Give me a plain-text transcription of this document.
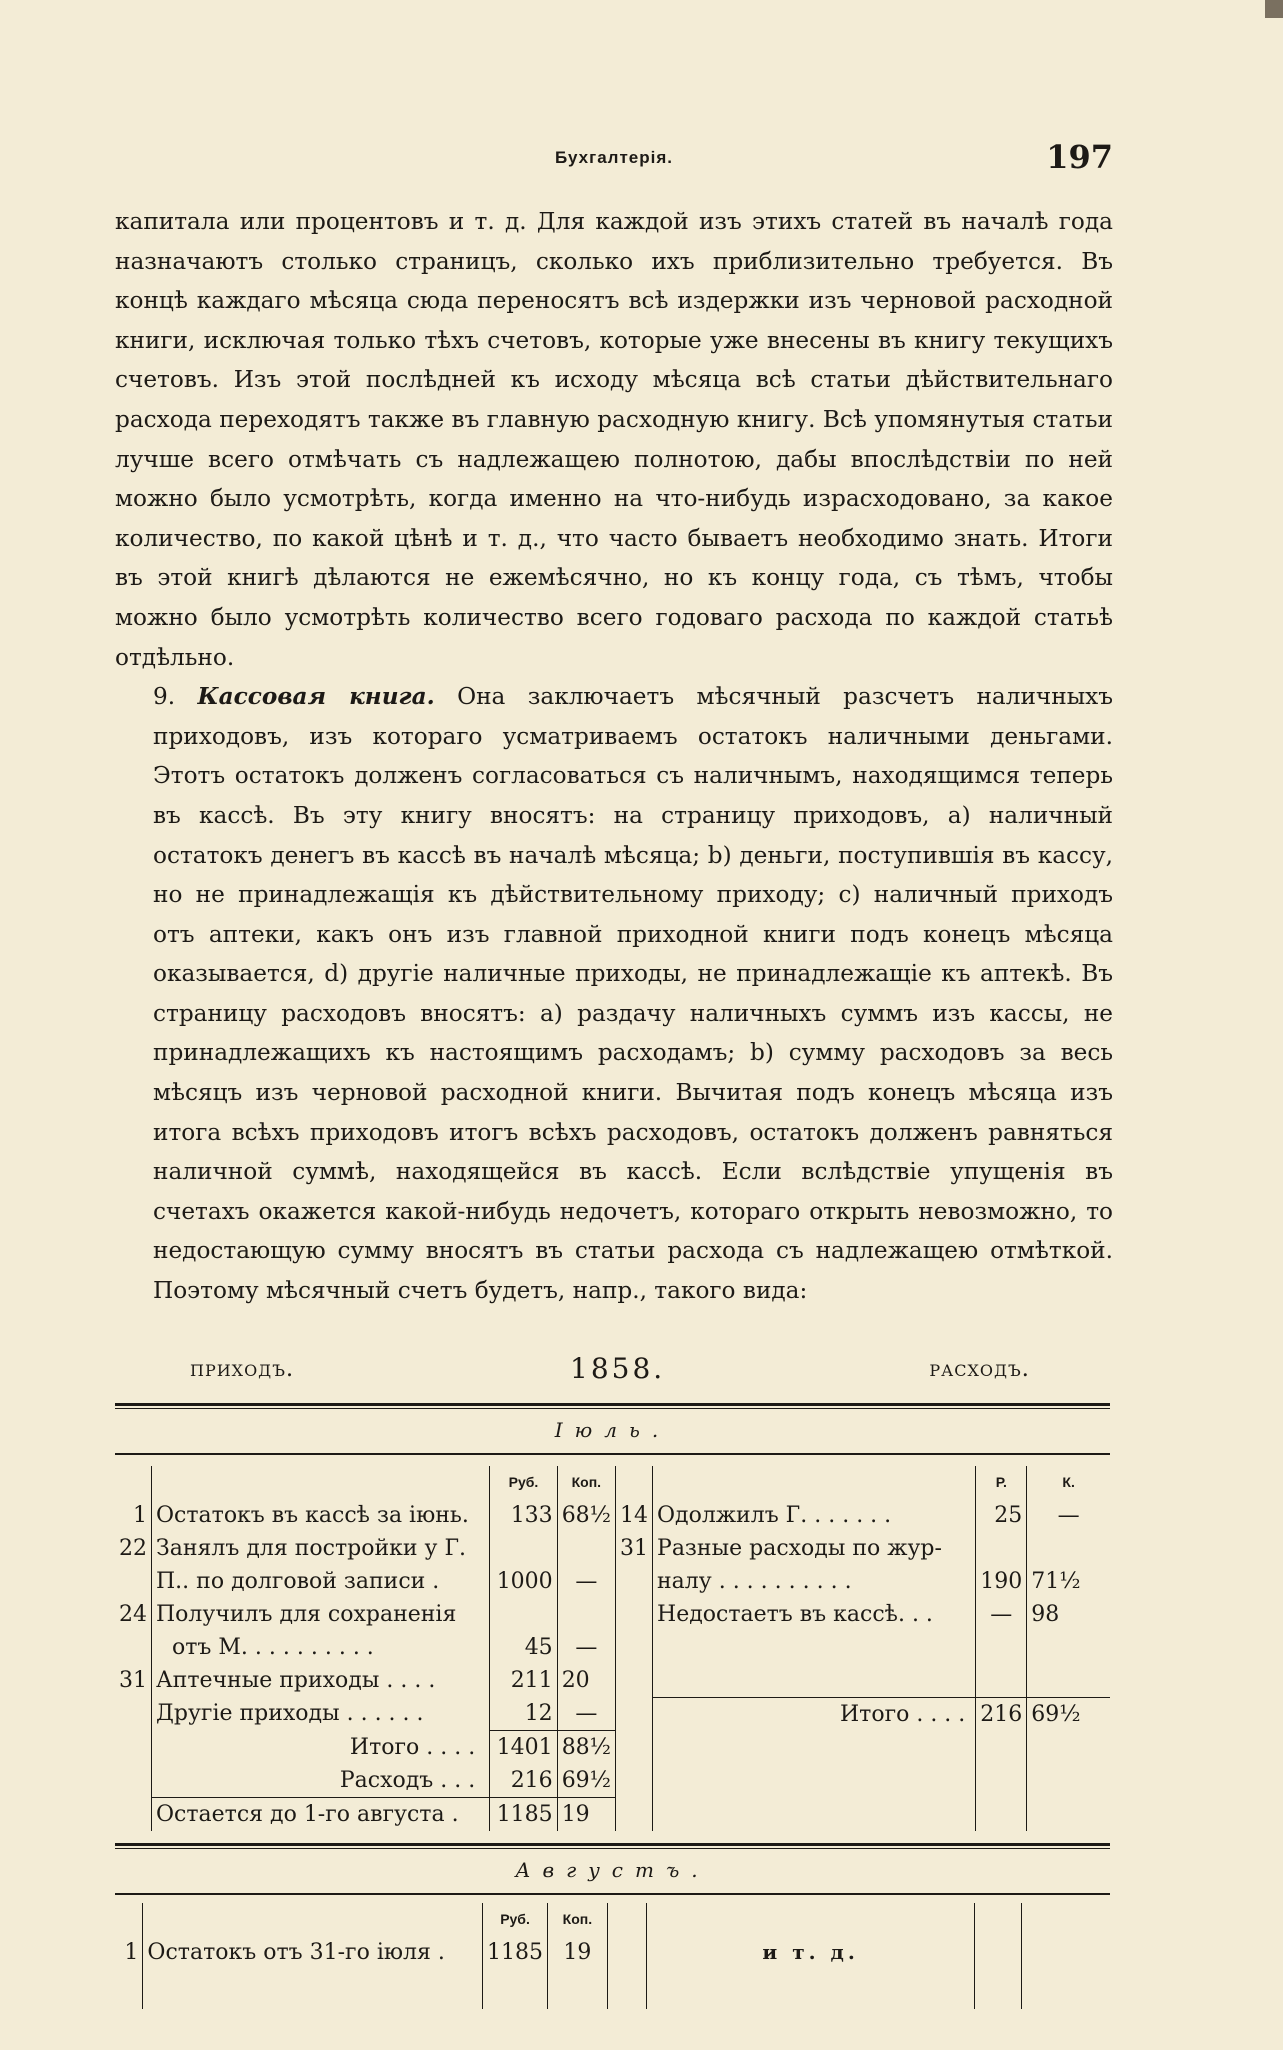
Бухгалтерія.	197

капитала или процентовъ и т. д. Для каждой изъ этихъ статей въ началѣ года назначаютъ столько страницъ, сколько ихъ приблизительно требуется. Въ концѣ каждаго мѣсяца сюда переносятъ всѣ издержки изъ черновой расходной книги, исключая только тѣхъ счетовъ, которые уже внесены въ книгу текущихъ счетовъ. Изъ этой послѣдней къ исходу мѣсяца всѣ статьи дѣйствительнаго расхода переходятъ также въ главную расходную книгу. Всѣ упомянутыя статьи лучше всего отмѣчать съ надлежащею полнотою, дабы впослѣдствіи по ней можно было усмотрѣть, когда именно на что-нибудь израсходовано, за какое количество, по какой цѣнѣ и т. д., что часто бываетъ необходимо знать. Итоги въ этой книгѣ дѣлаются не ежемѣсячно, но къ концу года, съ тѣмъ, чтобы можно было усмотрѣть количество всего годоваго расхода по каждой статьѣ отдѣльно.

9. Кассовая книга. Она заключаетъ мѣсячный разсчетъ наличныхъ приходовъ, изъ котораго усматриваемъ остатокъ наличными деньгами. Этотъ остатокъ долженъ согласоваться съ наличнымъ, находящимся теперь въ кассѣ. Въ эту книгу вносятъ: на страницу приходовъ, a) наличный остатокъ денегъ въ кассѣ въ началѣ мѣсяца; b) деньги, поступившія въ кассу, но не принадлежащія къ дѣйствительному приходу; c) наличный приходъ отъ аптеки, какъ онъ изъ главной приходной книги подъ конецъ мѣсяца оказывается, d) другіе наличные приходы, не принадлежащіе къ аптекѣ. Въ страницу расходовъ вносятъ: a) раздачу наличныхъ суммъ изъ кассы, не принадлежащихъ къ настоящимъ расходамъ; b) сумму расходовъ за весь мѣсяцъ изъ черновой расходной книги. Вычитая подъ конецъ мѣсяца изъ итога всѣхъ приходовъ итогъ всѣхъ расходовъ, остатокъ долженъ равняться наличной суммѣ, находящейся въ кассѣ. Если вслѣдствіе упущенія въ счетахъ окажется какой-нибудь недочетъ, котораго открыть невозможно, то недостающую сумму вносятъ въ статьи расхода съ надлежащею отмѣткой. Поэтому мѣсячный счетъ будетъ, напр., такого вида:

приходъ.	1858.	расходъ.
Іюль.
		Руб.	Коп.			Р.	К.
1	Остатокъ въ кассѣ за іюнь.	133	68½	14	Одолжилъ Г. . . . . . .	25	—
22	Занялъ для постройки у Г.			31	Разные расходы по жур-		
	П.. по долговой записи .	1000	—		налу . . . . . . . . . .	190	71½
24	Получилъ для сохраненія				Недостаетъ въ кассѣ. . .	—	98
	отъ М. . . . . . . . . .	45	—				
31	Аптечные приходы . . . .	211	20				
	Другіе приходы . . . . . .	12	—		Итого . . . .	216	69½
	Итого . . . .	1401	88½				
	Расходъ . . .	216	69½				
	Остается до 1-го августа .	1185	19				

Августъ.
		Руб.	Коп.				
1	Остатокъ отъ 31-го іюля .	1185	19		и т. д.		
